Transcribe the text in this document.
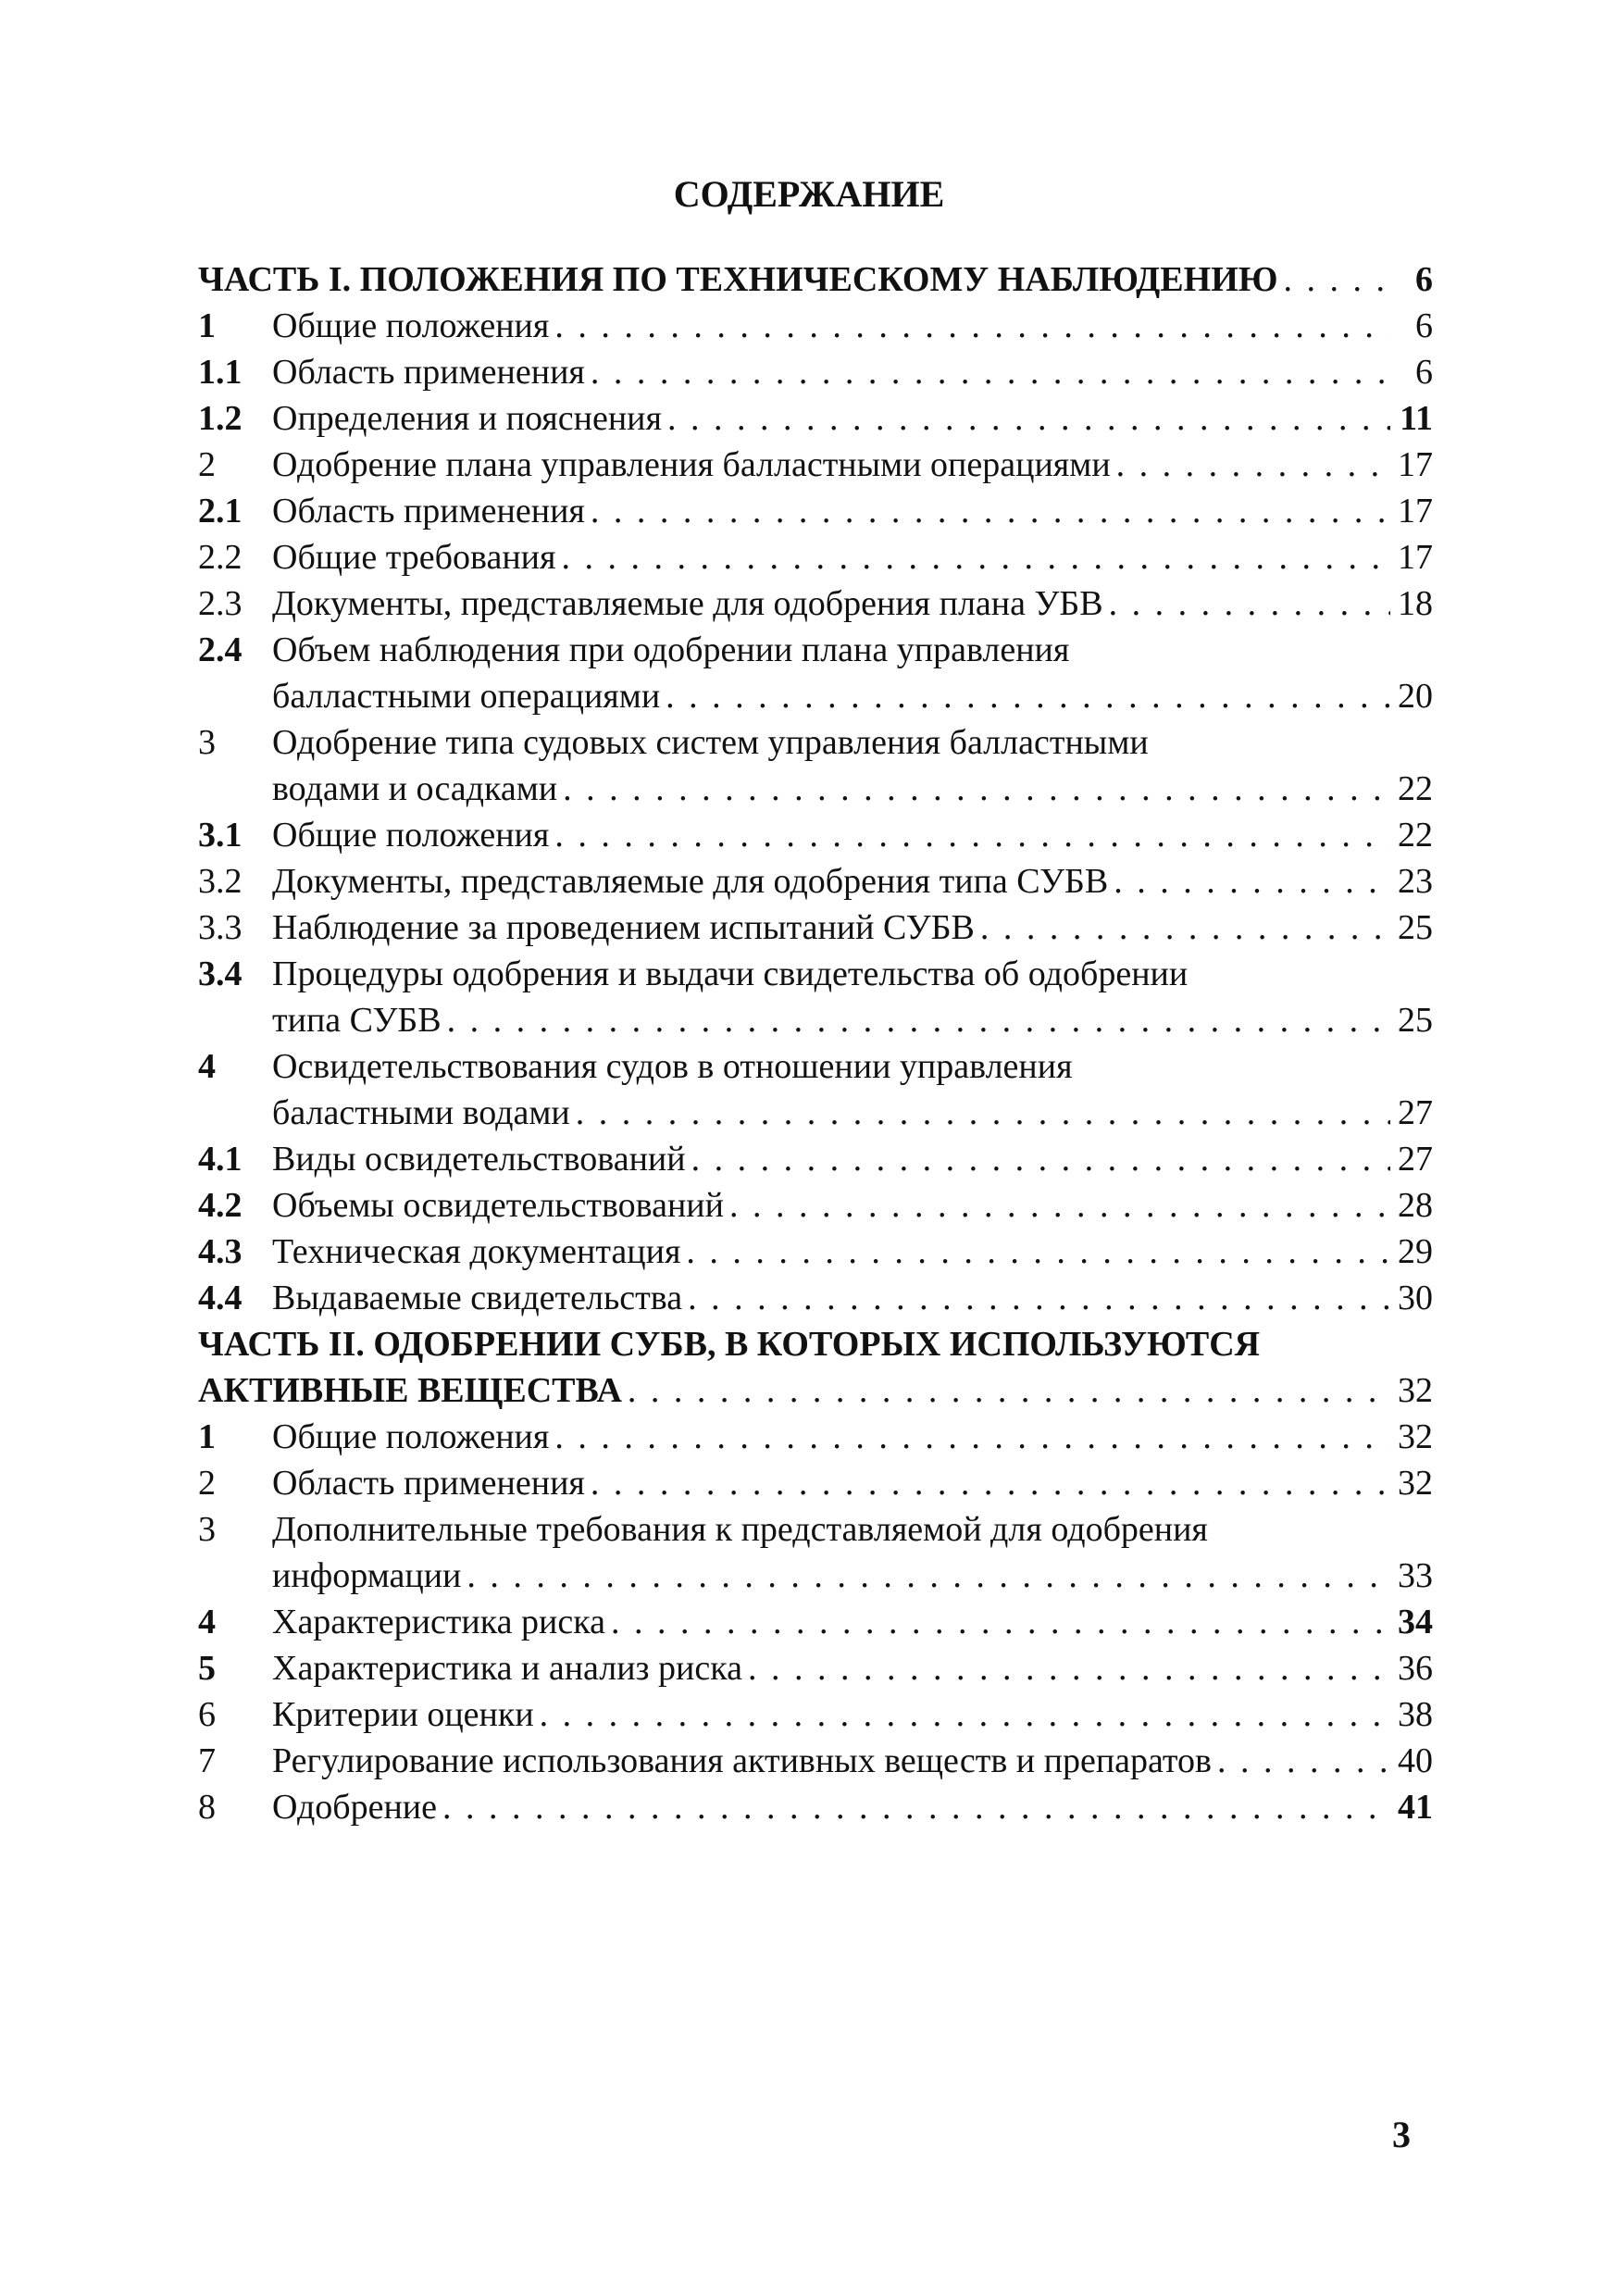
СОДЕРЖАНИЕ
ЧАСТЬ I. ПОЛОЖЕНИЯ ПО ТЕХНИЧЕСКОМУ НАБЛЮДЕНИЮ . . .	6
1	Общие положения . . .	6
1.1 Область применения . . .	6
1.2 Определения и пояснения . . .	11
2	Одобрение плана управления балластными операциями . . .	17
2.1 Область применения . . .	17
2.2 Общие требования . . .	17
2.3 Документы, представляемые для одобрения плана УБВ . . .	18
2.4 Объем наблюдения при одобрении плана управления
балластными операциями . . .	20
3	Одобрение типа судовых систем управления балластными
водами и осадками . . .	22
3.1 Общие положения . . .	22
3.2 Документы, представляемые для одобрения типа СУБВ . . .	23
3.3 Наблюдение за проведением испытаний СУБВ . . .	25
3.4 Процедуры одобрения и выдачи свидетельства об одобрении
типа СУБВ . . .	25
4	Освидетельствования судов в отношении управления
баластными водами . . .	27
4.1 Виды освидетельствований . . .	27
4.2 Объемы освидетельствований . . .	28
4.3 Техническая документация . . .	29
4.4 Выдаваемые свидетельства . . .	30
ЧАСТЬ II. ОДОБРЕНИИ СУБВ, В КОТОРЫХ ИСПОЛЬЗУЮТСЯ
АКТИВНЫЕ ВЕЩЕСТВА . . .	32
1	Общие положения . . .	32
2	Область применения . . .	32
3	Дополнительные требования к представляемой для одобрения
информации . . .	33
4	Характеристика риска . . .	34
5	Характеристика и анализ риска . . .	36
6	Критерии оценки . . .	38
7	Регулирование использования активных веществ и препаратов . . .	40
8	Одобрение . . .	41
3
